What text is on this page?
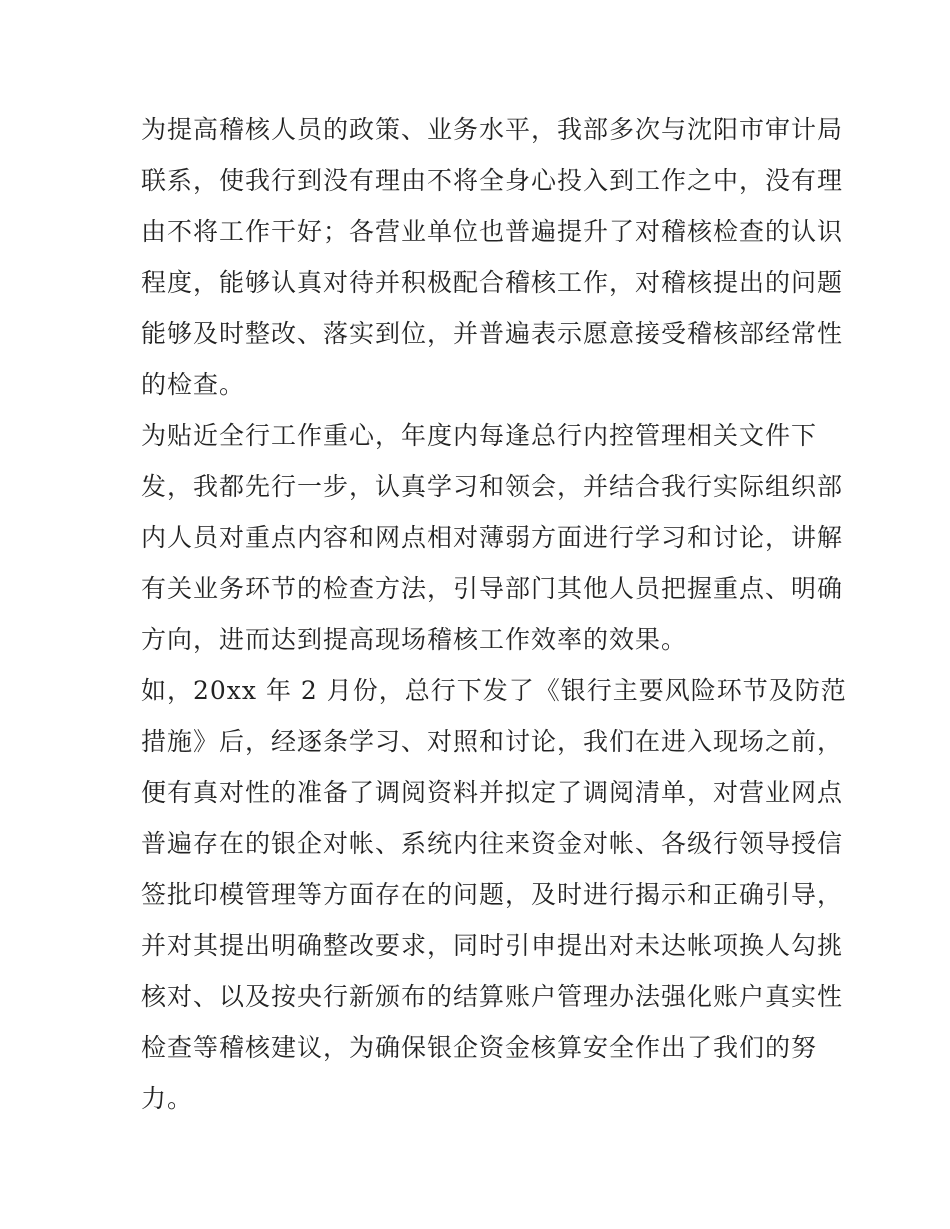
为提高稽核人员的政策、业务水平，我部多次与沈阳市审计局
联系，使我行到没有理由不将全身心投入到工作之中，没有理
由不将工作干好；各营业单位也普遍提升了对稽核检查的认识
程度，能够认真对待并积极配合稽核工作，对稽核提出的问题
能够及时整改、落实到位，并普遍表示愿意接受稽核部经常性
的检查。
为贴近全行工作重心，年度内每逢总行内控管理相关文件下
发，我都先行一步，认真学习和领会，并结合我行实际组织部
内人员对重点内容和网点相对薄弱方面进行学习和讨论，讲解
有关业务环节的检查方法，引导部门其他人员把握重点、明确
方向，进而达到提高现场稽核工作效率的效果。
如，20xx 年 2 月份，总行下发了《银行主要风险环节及防范
措施》后，经逐条学习、对照和讨论，我们在进入现场之前，
便有真对性的准备了调阅资料并拟定了调阅清单，对营业网点
普遍存在的银企对帐、系统内往来资金对帐、各级行领导授信
签批印模管理等方面存在的问题，及时进行揭示和正确引导，
并对其提出明确整改要求，同时引申提出对未达帐项换人勾挑
核对、以及按央行新颁布的结算账户管理办法强化账户真实性
检查等稽核建议，为确保银企资金核算安全作出了我们的努
力。
